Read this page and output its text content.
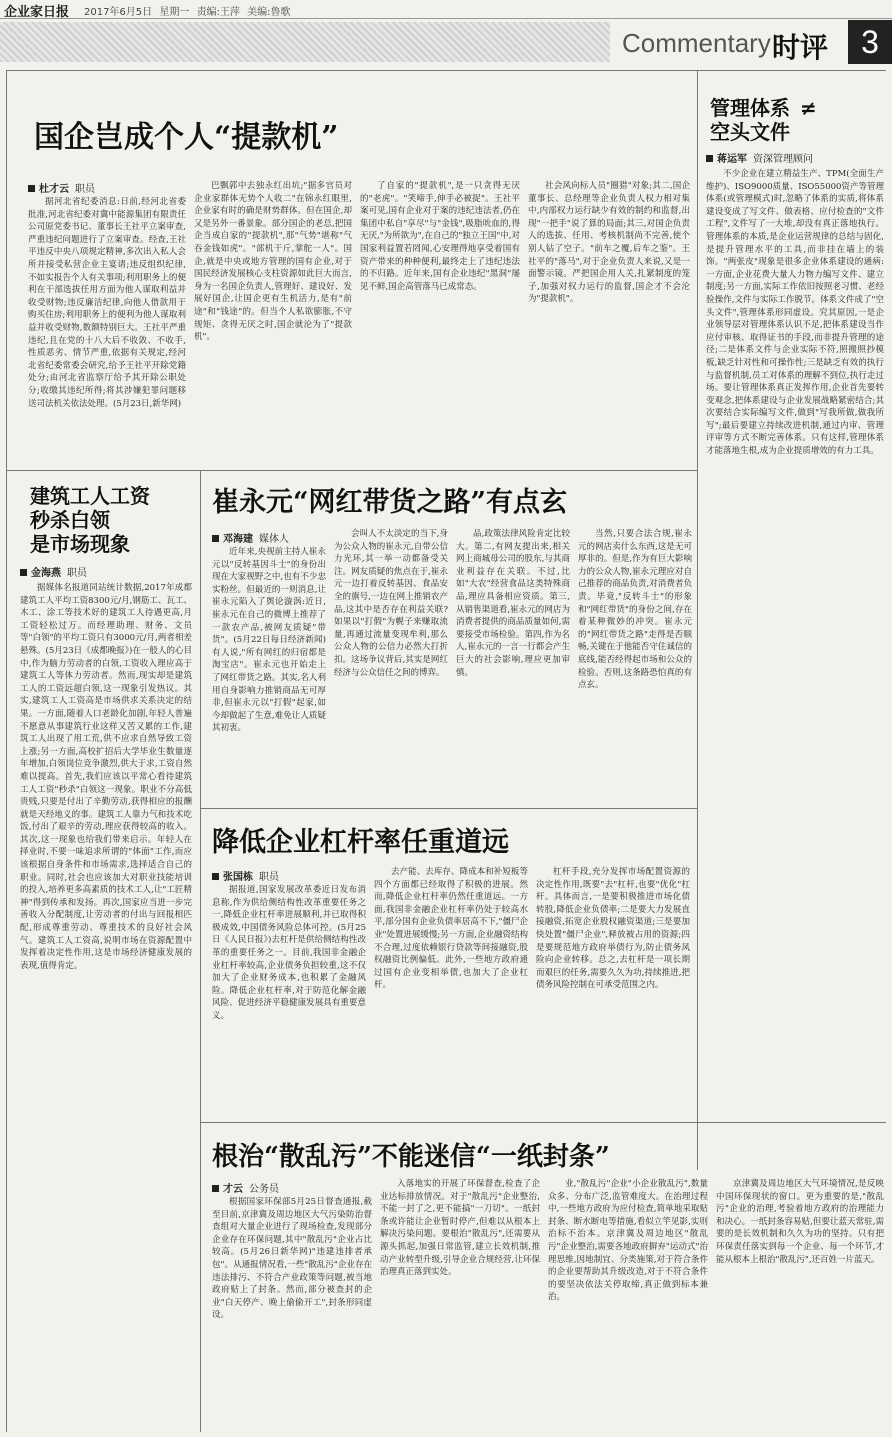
企业家日报 2017年6月5日 星期一 责编:王萍 美编:鲁歌
Commentary 时评	3
国企岂成个人“提款机”
杜才云 职员
据河北省纪委消息:日前,经河北省委批准,河北省纪委对冀中能源集团有限责任公司原党委书记、董事长王社平立案审查,严重违纪问题进行了立案审查。经查,王社平违反中央八项规定精神,多次出入私人会所并接受私营企业主宴请;违反组织纪律,不如实报告个人有关事项;利用职务上的便利在干部选拔任用方面为他人谋取利益并收受财物;违反廉洁纪律,向他人借款用于购买住房;利用职务上的便利为他人谋取利益并收受财物,数额特别巨大。王社平严重违纪,且在党的十八大后不收敛、不收手,性质恶劣、情节严重,依据有关规定,经河北省纪委常委会研究,给予王社平开除党籍处分;由河北省监察厅给予其开除公职处分;收缴其违纪所得;将其涉嫌犯罪问题移送司法机关依法处理。(5月23日,新华网)
巴飘郭中去独永红出坑;"据多官员对企业家群体无势个人收二"在锦永红眼里,企业家有时的确是财势群体。但在国企,却又是另外一番景象。部分国企的老总,把国企当成自家的"提款机",那"气势"堪称"气吞金钱如虎"。"部机干斤,掌舵一人"。国企,就是中央或地方管理的国有企业,对于国民经济发展核心支柱资源如此巨大而言,身为一名国企负责人,管理好、建设好、发展好国企,让国企更有生机活力,是有"前途"和"钱途"的。但当个人私欲膨胀,不守规矩、贪得无厌之时,国企就沦为了"提款机"。
了自家的"提款机",是一只贪得无厌的"老虎"。"笑啼手,伸手必被捉"。王社平案可见,国有企业对于案的违纪违法者,仍在集团中私自"享尽"与"金钱",吸脂吮血的,得无厌,"为所欲为",在自己的"独立王国"中,对国家利益置若罔闻,心安理得地享受着国有资产带来的种种便利,最终走上了违纪违法的不归路。近年来,国有企业违纪"黑洞"屡见不鲜,国企高管落马已成常态。
社会风向标人员"圈猎"对象;其二,国企董事长、总经理等企业负责人权力相对集中,内部权力运行缺少有效的制约和监督,出现"一把手"说了算的局面;其三,对国企负责人的选拔、任用、考核机制尚不完善,使个别人钻了空子。"前车之覆,后车之鉴"。王社平的"落马",对于企业负责人来说,又是一面警示镜。严把国企用人关,扎紧制度的笼子,加强对权力运行的监督,国企才不会沦为"提款机"。
管理体系 ≠
空头文件
蒋运军 资深管理顾问
不少企业在建立精益生产、TPM(全面生产维护)、ISO9000质量、ISO55000资产等管理体系(或管理模式)时,忽略了体系的实质,将体系建设变成了写文件、做表格、应付检查的"文件工程",文件写了一大堆,却没有真正落地执行。管理体系的本质,是企业运营规律的总结与固化,是提升管理水平的工具,而非挂在墙上的装饰。"两张皮"现象是很多企业体系建设的通病:一方面,企业花费大量人力物力编写文件、建立制度;另一方面,实际工作依旧按照老习惯、老经验操作,文件与实际工作脱节。体系文件成了"空头文件",管理体系形同虚设。究其原因,一是企业领导层对管理体系认识不足,把体系建设当作应付审核、取得证书的手段,而非提升管理的途径;二是体系文件与企业实际不符,照搬照抄模板,缺乏针对性和可操作性;三是缺乏有效的执行与监督机制,员工对体系的理解不到位,执行走过场。要让管理体系真正发挥作用,企业首先要转变观念,把体系建设与企业发展战略紧密结合;其次要结合实际编写文件,做到"写我所做,做我所写";最后要建立持续改进机制,通过内审、管理评审等方式不断完善体系。只有这样,管理体系才能落地生根,成为企业提质增效的有力工具。
建筑工人工资
秒杀白领
是市场现象
金海燕 职员
据媒体名报道同站统计数据,2017年成都建筑工人平均工资8300元/月,钢筋工、瓦工、木工、涂工等技术好的建筑工人待遇更高,月工资轻松过万。而经理助理、财务、文员等"白领"的平均工资只有3000元/月,两者相差悬殊。(5月23日《成都晚报》)在一般人的心目中,作为脑力劳动者的白领,工资收入理应高于建筑工人等体力劳动者。然而,现实却是建筑工人的工资远超白领,这一现象引发热议。其实,建筑工人工资高是市场供求关系决定的结果。一方面,随着人口老龄化加剧,年轻人普遍不愿意从事建筑行业这样又苦又累的工作,建筑工人出现了用工荒,供不应求自然导致工资上涨;另一方面,高校扩招后大学毕业生数量逐年增加,白领岗位竞争激烈,供大于求,工资自然难以提高。首先,我们应该以平常心看待建筑工人工资"秒杀"白领这一现象。职业不分高低贵贱,只要是付出了辛勤劳动,获得相应的报酬就是天经地义的事。建筑工人靠力气和技术吃饭,付出了艰辛的劳动,理应获得较高的收入。其次,这一现象也给我们带来启示。年轻人在择业时,不要一味追求所谓的"体面"工作,而应该根据自身条件和市场需求,选择适合自己的职业。同时,社会也应该加大对职业技能培训的投入,培养更多高素质的技术工人,让"工匠精神"得到传承和发扬。再次,国家应当进一步完善收入分配制度,让劳动者的付出与回报相匹配,形成尊重劳动、尊重技术的良好社会风气。建筑工人工资高,说明市场在资源配置中发挥着决定性作用,这是市场经济健康发展的表现,值得肯定。
崔永元“网红带货之路”有点玄
邓海建 媒体人
近年来,央视前主持人崔永元以"反转基因斗士"的身份出现在大家视野之中,也有不少忠实粉丝。但最近的一则消息,让崔永元陷入了舆论漩涡:近日,崔永元在自己的微博上推荐了一款农产品,被网友质疑"带货"。(5月22日每日经济新闻)有人说,"所有网红的归宿都是淘宝店"。崔永元也开始走上了网红带货之路。其实,名人利用自身影响力推销商品无可厚非,但崔永元以"打假"起家,如今却做起了生意,难免让人质疑其初衷。
会叫人不太淡定的当下,身为公众人物的崔永元,自带公信力光环,其一举一动都备受关注。网友质疑的焦点在于,崔永元一边打着反转基因、食品安全的旗号,一边在网上推销农产品,这其中是否存在利益关联?如果以"打假"为幌子来赚取流量,再通过流量变现牟利,那么公众人物的公信力必然大打折扣。这场争议背后,其实是网红经济与公众信任之间的博弈。
品,政策法律风险肯定比较大。第二,有网友提出来,相关网上商城母公司的股东,与其商业利益存在关联。不过,比如"大农"经营食品这类特殊商品,理应具备相应资质。第三,从销售渠道看,崔永元的网店为消费者提供的商品质量如何,需要接受市场检验。第四,作为名人,崔永元的一言一行都会产生巨大的社会影响,理应更加审慎。
当然,只要合法合规,崔永元的网店卖什么东西,这是无可厚非的。但是,作为有巨大影响力的公众人物,崔永元理应对自己推荐的商品负责,对消费者负责。毕竟,"反转斗士"的形象和"网红带货"的身份之间,存在着某种微妙的冲突。崔永元的"网红带货之路"走得是否顺畅,关键在于他能否守住诚信的底线,能否经得起市场和公众的检验。否则,这条路恐怕真的有点玄。
降低企业杠杆率任重道远
张国栋 职员
据报道,国家发展改革委近日发布消息称,作为供给侧结构性改革重要任务之一,降低企业杠杆率进展顺利,并已取得积极成效,中国债务风险总体可控。(5月25日《人民日报》)去杠杆是供给侧结构性改革的重要任务之一。目前,我国非金融企业杠杆率较高,企业债务负担较重,这不仅加大了企业财务成本,也积累了金融风险。降低企业杠杆率,对于防范化解金融风险、促进经济平稳健康发展具有重要意义。
去产能、去库存、降成本和补短板等四个方面都已经取得了积极的进展。然而,降低企业杠杆率仍然任重道远。一方面,我国非金融企业杠杆率仍处于较高水平,部分国有企业负债率居高不下,"僵尸企业"处置进展缓慢;另一方面,企业融资结构不合理,过度依赖银行贷款等间接融资,股权融资比例偏低。此外,一些地方政府通过国有企业变相举债,也加大了企业杠杆。
杠杆手段,充分发挥市场配置资源的决定性作用,既要"去"杠杆,也要"优化"杠杆。具体而言,一是要积极推进市场化债转股,降低企业负债率;二是要大力发展直接融资,拓宽企业股权融资渠道;三是要加快处置"僵尸企业",释放被占用的资源;四是要规范地方政府举债行为,防止债务风险向企业转移。总之,去杠杆是一项长期而艰巨的任务,需要久久为功,持续推进,把债务风险控制在可承受范围之内。
根治“散乱污”不能迷信“一纸封条”
才云 公务员
根据国家环保部5月25日督查通报,截至目前,京津冀及周边地区大气污染防治督查组对大量企业进行了现场检查,发现部分企业存在环保问题,其中"散乱污"企业占比较高。(5月26日新华网)"违建违排者承包"。从通报情况看,一些"散乱污"企业存在违法排污、不符合产业政策等问题,被当地政府贴上了封条。然而,部分被查封的企业"白天停产、晚上偷偷开工",封条形同虚设。
入落地实的开展了环保督查,检查了企业达标排放情况。对于"散乱污"企业整治,不能一封了之,更不能搞"一刀切"。一纸封条或许能让企业暂时停产,但难以从根本上解决污染问题。要根治"散乱污",还需要从源头抓起,加强日常监管,建立长效机制,推动产业转型升级,引导企业合规经营,让环保治理真正落到实处。
业,"散乱污"企业"小企业散乱污",数量众多、分布广泛,监管难度大。在治理过程中,一些地方政府为应付检查,简单地采取贴封条、断水断电等措施,看似立竿见影,实则治标不治本。京津冀及周边地区"散乱污"企业整治,需要各地政府摒弃"运动式"治理思维,因地制宜、分类施策,对于符合条件的企业要帮助其升级改造,对于不符合条件的要坚决依法关停取缔,真正做到标本兼治。
京津冀及周边地区大气环境情况,是反映中国环保现状的窗口。更为重要的是,"散乱污"企业的治理,考验着地方政府的治理能力和决心。一纸封条容易贴,但要让蓝天常驻,需要的是长效机制和久久为功的坚持。只有把环保责任落实到每一个企业、每一个环节,才能从根本上根治"散乱污",还百姓一片蓝天。
